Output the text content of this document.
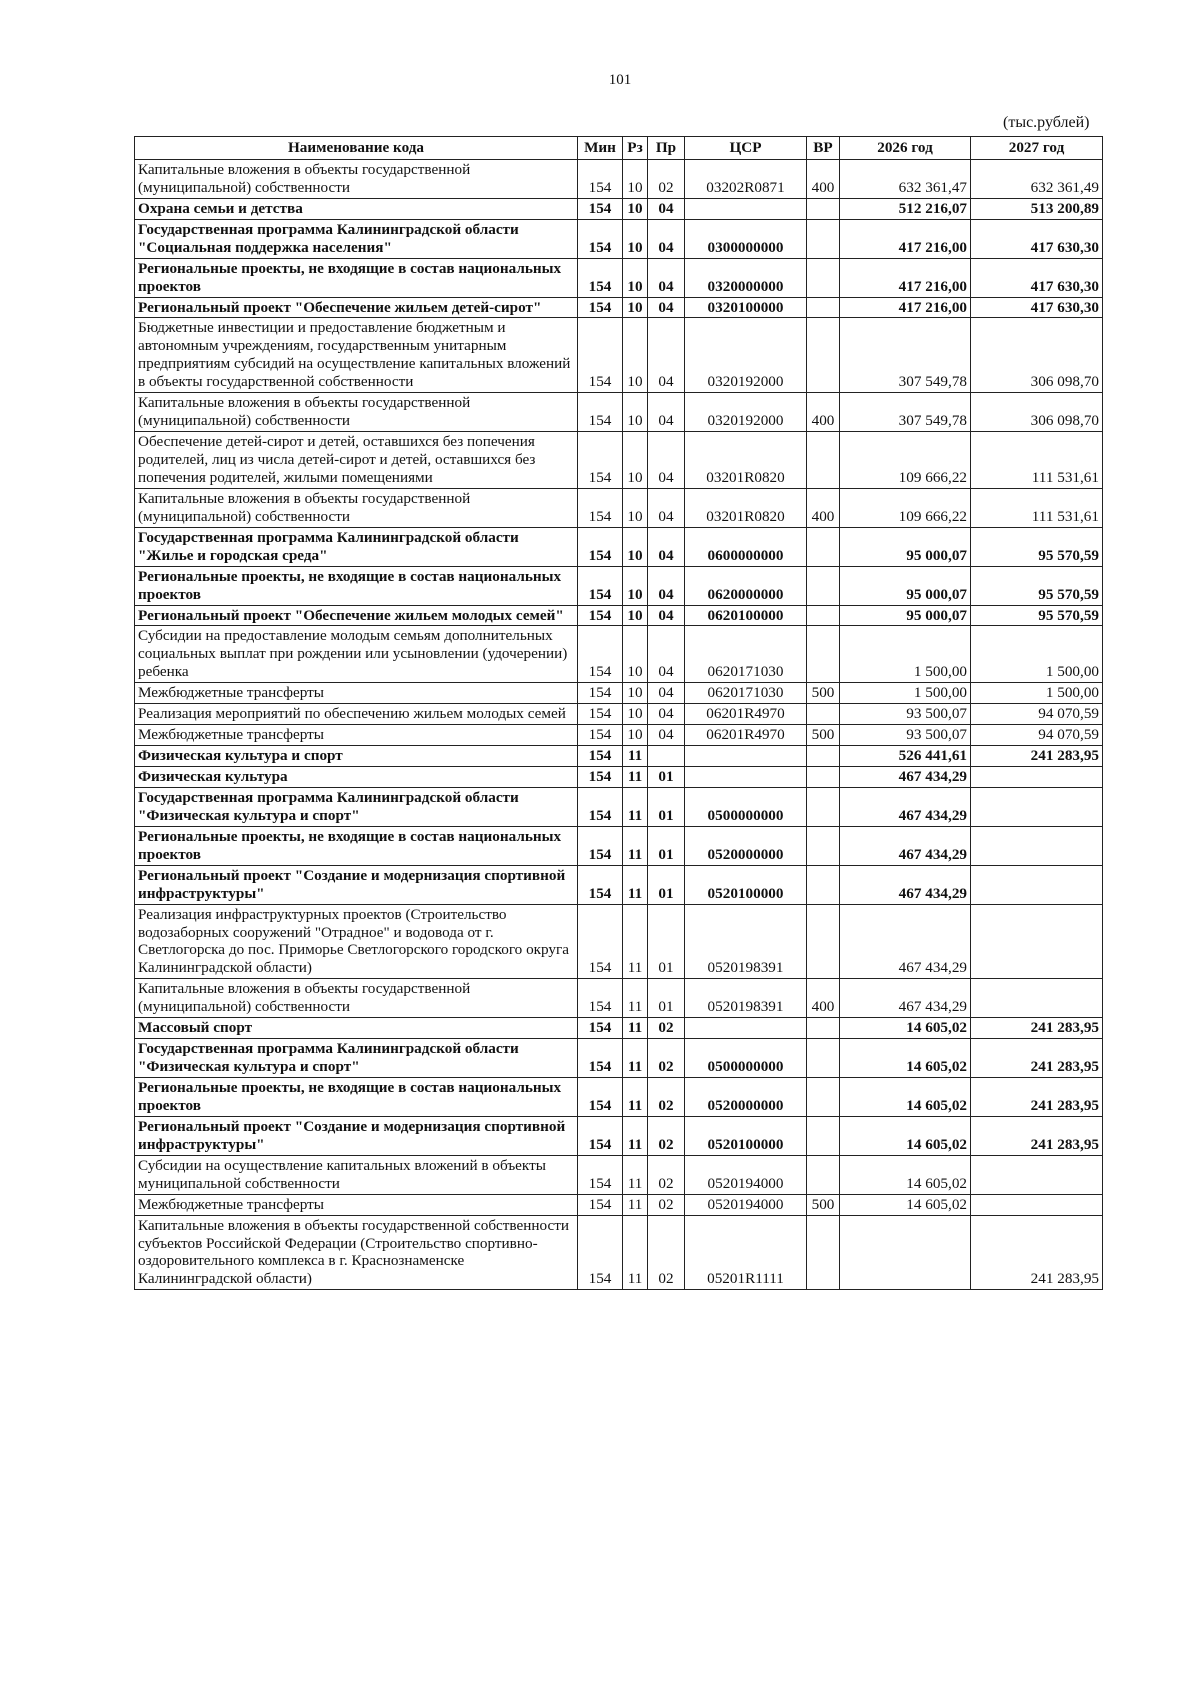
101
(тыс.рублей)
Наименование кода	Мин	Рз	Пр	ЦСР	ВР	2026 год	2027 год
Капитальные вложения в объекты государственной (муниципальной) собственности	154	10	02	03202R0871	400	632 361,47	632 361,49
Охрана семьи и детства	154	10	04			512 216,07	513 200,89
Государственная программа Калининградской области "Социальная поддержка населения"	154	10	04	0300000000		417 216,00	417 630,30
Региональные проекты, не входящие в состав национальных проектов	154	10	04	0320000000		417 216,00	417 630,30
Региональный проект "Обеспечение жильем детей-сирот"	154	10	04	0320100000		417 216,00	417 630,30
Бюджетные инвестиции и предоставление бюджетным и автономным учреждениям, государственным унитарным предприятиям субсидий на осуществление капитальных вложений в объекты государственной собственности	154	10	04	0320192000		307 549,78	306 098,70
Капитальные вложения в объекты государственной (муниципальной) собственности	154	10	04	0320192000	400	307 549,78	306 098,70
Обеспечение детей-сирот и детей, оставшихся без попечения родителей, лиц из числа детей-сирот и детей, оставшихся без попечения родителей, жилыми помещениями	154	10	04	03201R0820		109 666,22	111 531,61
Капитальные вложения в объекты государственной (муниципальной) собственности	154	10	04	03201R0820	400	109 666,22	111 531,61
Государственная программа Калининградской области "Жилье и городская среда"	154	10	04	0600000000		95 000,07	95 570,59
Региональные проекты, не входящие в состав национальных проектов	154	10	04	0620000000		95 000,07	95 570,59
Региональный проект "Обеспечение жильем молодых семей"	154	10	04	0620100000		95 000,07	95 570,59
Субсидии на предоставление молодым семьям дополнительных социальных выплат при рождении или усыновлении (удочерении) ребенка	154	10	04	0620171030		1 500,00	1 500,00
Межбюджетные трансферты	154	10	04	0620171030	500	1 500,00	1 500,00
Реализация мероприятий по обеспечению жильем молодых семей	154	10	04	06201R4970		93 500,07	94 070,59
Межбюджетные трансферты	154	10	04	06201R4970	500	93 500,07	94 070,59
Физическая культура и спорт	154	11				526 441,61	241 283,95
Физическая культура	154	11	01			467 434,29	
Государственная программа Калининградской области "Физическая культура и спорт"	154	11	01	0500000000		467 434,29	
Региональные проекты, не входящие в состав национальных проектов	154	11	01	0520000000		467 434,29	
Региональный проект "Создание и модернизация спортивной инфраструктуры"	154	11	01	0520100000		467 434,29	
Реализация инфраструктурных проектов (Строительство водозаборных сооружений "Отрадное" и водовода от г. Светлогорска до пос. Приморье Светлогорского городского округа Калининградской области)	154	11	01	0520198391		467 434,29	
Капитальные вложения в объекты государственной (муниципальной) собственности	154	11	01	0520198391	400	467 434,29	
Массовый спорт	154	11	02			14 605,02	241 283,95
Государственная программа Калининградской области "Физическая культура и спорт"	154	11	02	0500000000		14 605,02	241 283,95
Региональные проекты, не входящие в состав национальных проектов	154	11	02	0520000000		14 605,02	241 283,95
Региональный проект "Создание и модернизация спортивной инфраструктуры"	154	11	02	0520100000		14 605,02	241 283,95
Субсидии на осуществление капитальных вложений в объекты муниципальной собственности	154	11	02	0520194000		14 605,02	
Межбюджетные трансферты	154	11	02	0520194000	500	14 605,02	
Капитальные вложения в объекты государственной собственности субъектов Российской Федерации (Строительство спортивно-оздоровительного комплекса в г. Краснознаменске Калининградской области)	154	11	02	05201R1111			241 283,95
